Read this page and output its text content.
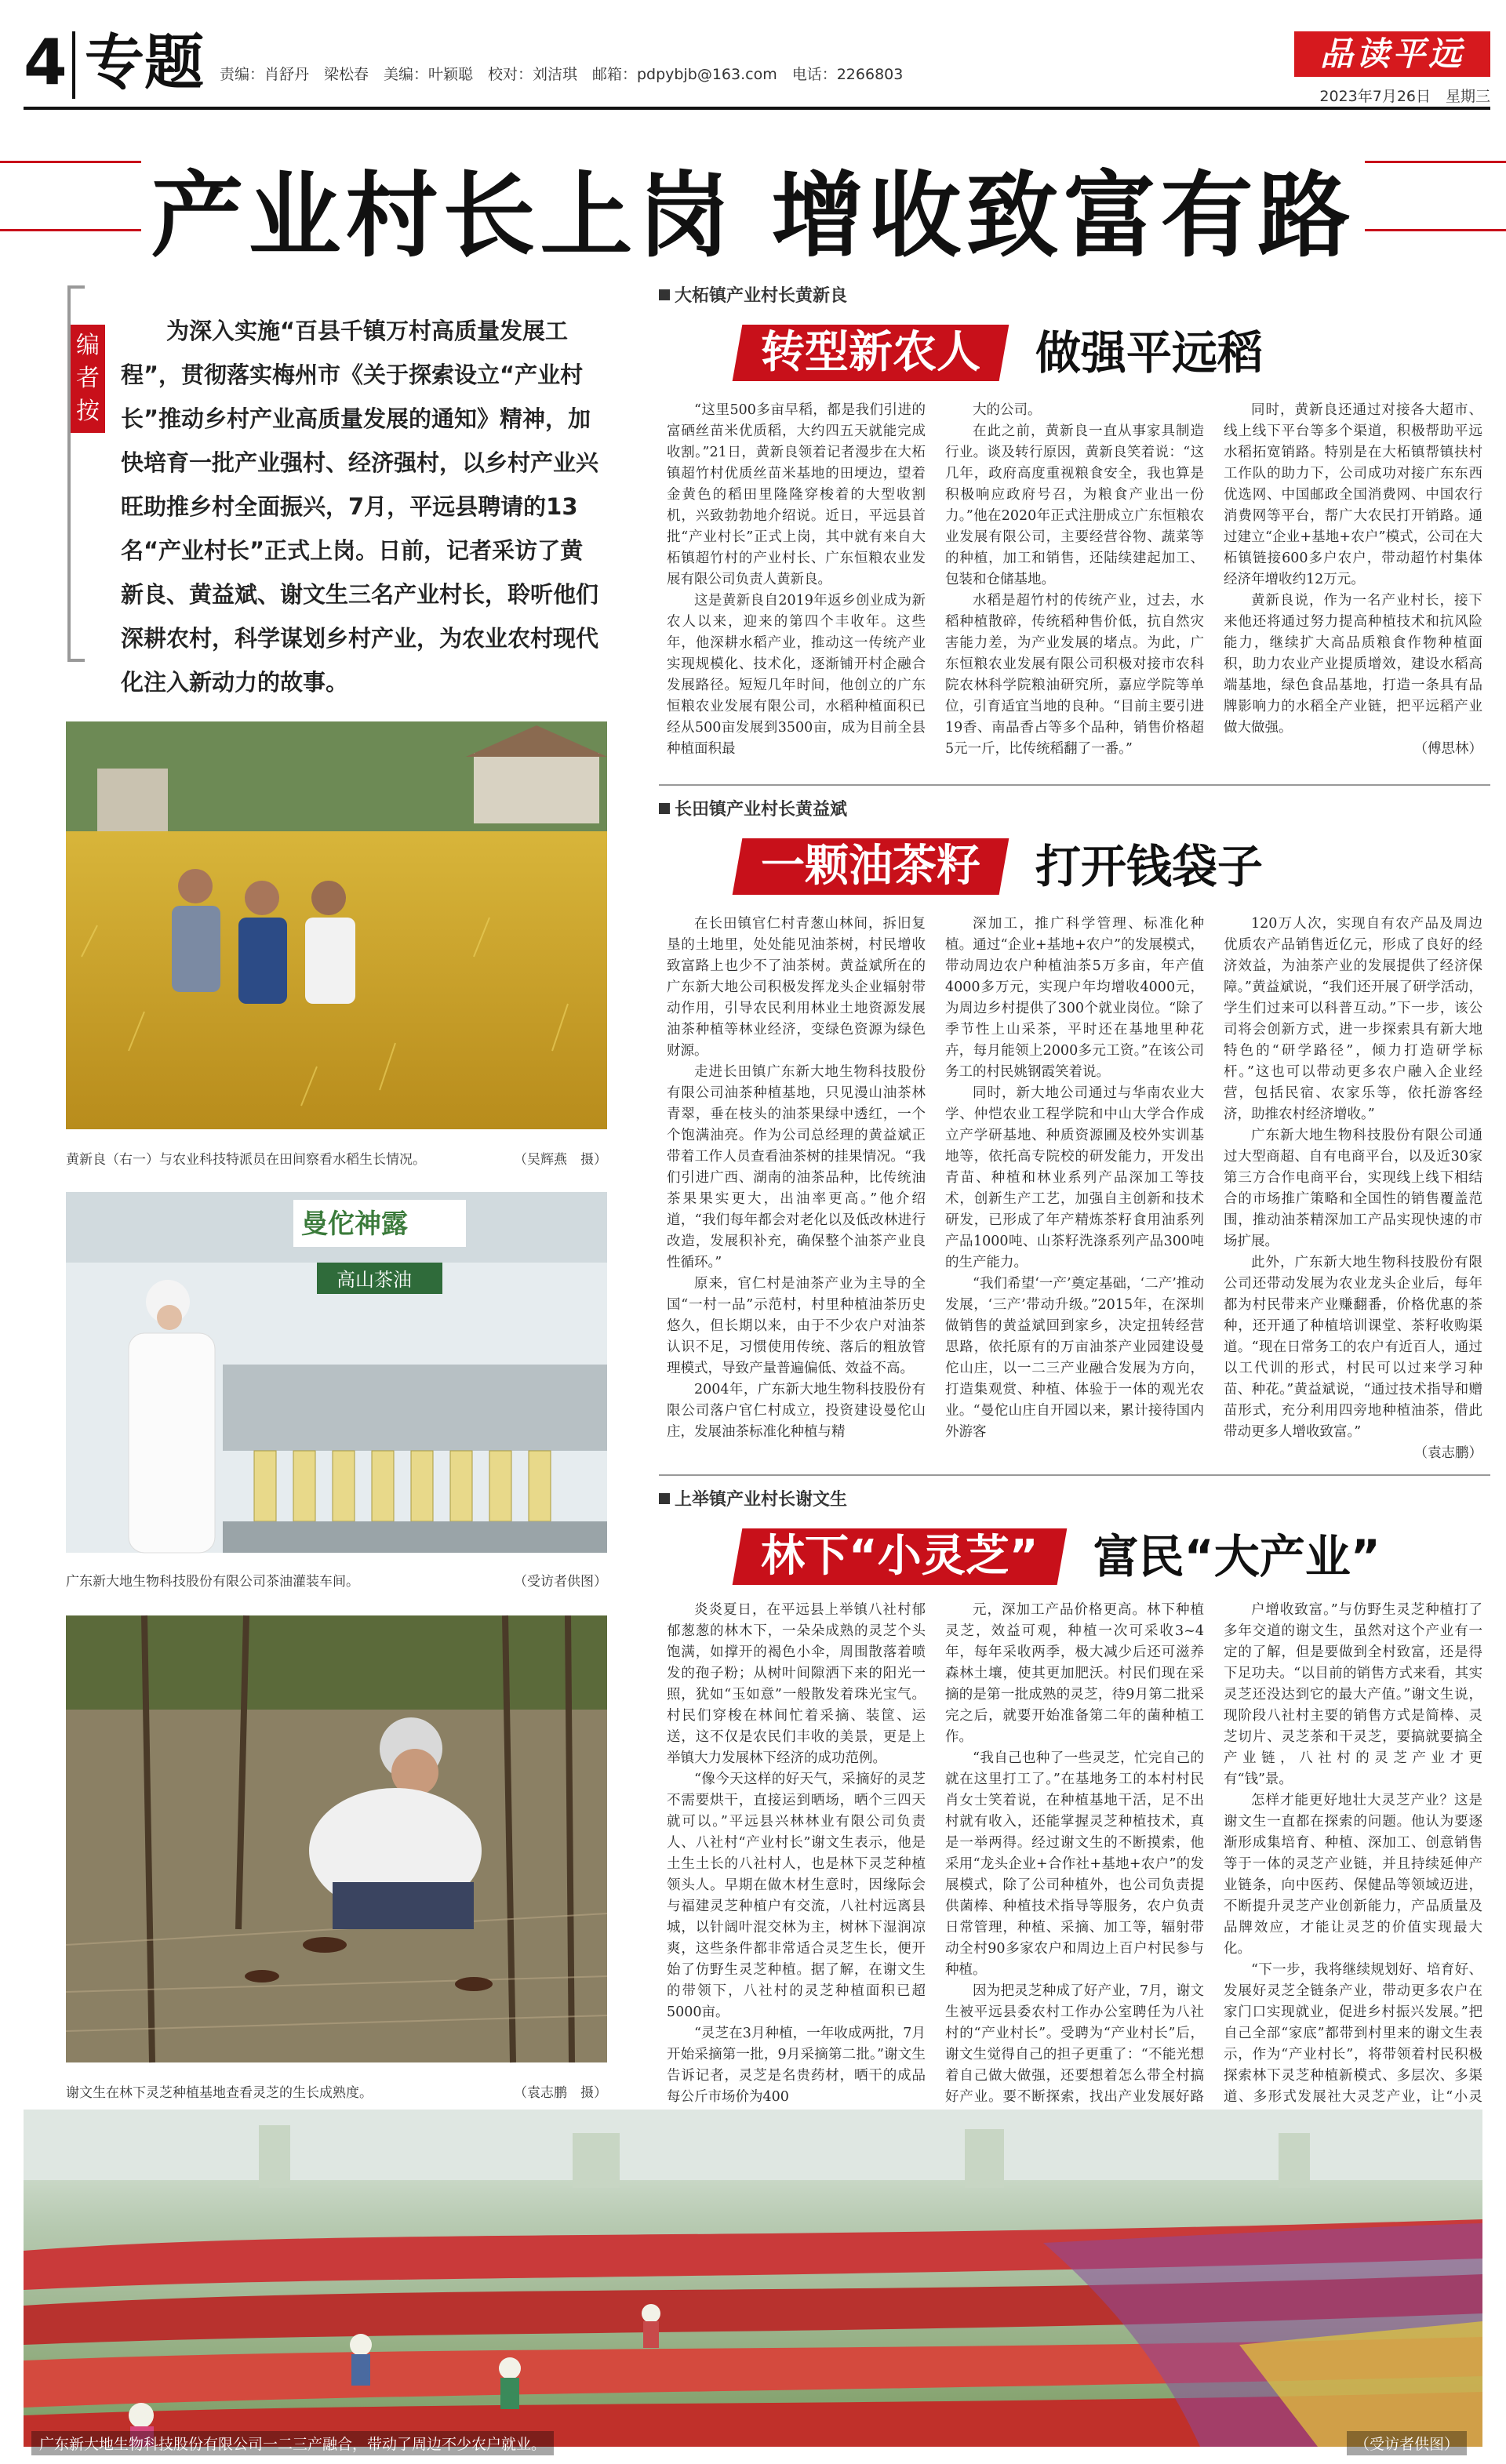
4 专题 责编：肖舒丹　梁松春　美编：叶颖聪　校对：刘洁琪　邮箱：pdpybjb@163.com　电话：2266803
品读平远
2023年7月26日　星期三
产业村长上岗 增收致富有路
编者按
为深入实施“百县千镇万村高质量发展工程”，贯彻落实梅州市《关于探索设立“产业村长”推动乡村产业高质量发展的通知》精神，加快培育一批产业强村、经济强村，以乡村产业兴旺助推乡村全面振兴，7月，平远县聘请的13名“产业村长”正式上岗。日前，记者采访了黄新良、黄益斌、谢文生三名产业村长，聆听他们深耕农村，科学谋划乡村产业，为农业农村现代化注入新动力的故事。
黄新良（右一）与农业科技特派员在田间察看水稻生长情况。	（吴辉燕　摄）
曼佗神露
高山茶油
广东新大地生物科技股份有限公司茶油灌装车间。	（受访者供图）
谢文生在林下灵芝种植基地查看灵芝的生长成熟度。	（袁志鹏　摄）
大柘镇产业村长黄新良
转型新农人 做强平远稻

“这里500多亩早稻，都是我们引进的富硒丝苗米优质稻，大约四五天就能完成收割。”21日，黄新良领着记者漫步在大柘镇超竹村优质丝苗米基地的田埂边，望着金黄色的稻田里隆隆穿梭着的大型收割机，兴致勃勃地介绍说。近日，平远县首批“产业村长”正式上岗，其中就有来自大柘镇超竹村的产业村长、广东恒粮农业发展有限公司负责人黄新良。

这是黄新良自2019年返乡创业成为新农人以来，迎来的第四个丰收年。这些年，他深耕水稻产业，推动这一传统产业实现规模化、技术化，逐渐铺开村企融合发展路径。短短几年时间，他创立的广东恒粮农业发展有限公司，水稻种植面积已经从500亩发展到3500亩，成为目前全县种植面积最

大的公司。

在此之前，黄新良一直从事家具制造行业。谈及转行原因，黄新良笑着说：“这几年，政府高度重视粮食安全，我也算是积极响应政府号召，为粮食产业出一份力。”他在2020年正式注册成立广东恒粮农业发展有限公司，主要经营谷物、蔬菜等的种植，加工和销售，还陆续建起加工、包装和仓储基地。

水稻是超竹村的传统产业，过去，水稻种植散碎，传统稻种售价低，抗自然灾害能力差，为产业发展的堵点。为此，广东恒粮农业发展有限公司积极对接市农科院农林科学院粮油研究所，嘉应学院等单位，引育适宜当地的良种。“目前主要引进19香、南晶香占等多个品种，销售价格超5元一斤，比传统稻翻了一番。”

同时，黄新良还通过对接各大超市、线上线下平台等多个渠道，积极帮助平远水稻拓宽销路。特别是在大柘镇帮镇扶村工作队的助力下，公司成功对接广东东西优选网、中国邮政全国消费网、中国农行消费网等平台，帮广大农民打开销路。通过建立“企业+基地+农户”模式，公司在大柘镇链接600多户农户，带动超竹村集体经济年增收约12万元。

黄新良说，作为一名产业村长，接下来他还将通过努力提高种植技术和抗风险能力，继续扩大高品质粮食作物种植面积，助力农业产业提质增效，建设水稻高端基地，绿色食品基地，打造一条具有品牌影响力的水稻全产业链，把平远稻产业做大做强。

（傅思林）

长田镇产业村长黄益斌
一颗油茶籽 打开钱袋子

在长田镇官仁村青葱山林间，拆旧复垦的土地里，处处能见油茶树，村民增收致富路上也少不了油茶树。黄益斌所在的广东新大地公司积极发挥龙头企业辐射带动作用，引导农民利用林业土地资源发展油茶种植等林业经济，变绿色资源为绿色财源。

走进长田镇广东新大地生物科技股份有限公司油茶种植基地，只见漫山油茶林青翠，垂在枝头的油茶果绿中透红，一个个饱满油亮。作为公司总经理的黄益斌正带着工作人员查看油茶树的挂果情况。“我们引进广西、湖南的油茶品种，比传统油茶果果实更大，出油率更高。”他介绍道，“我们每年都会对老化以及低改林进行改造，发展积补充，确保整个油茶产业良性循环。”

原来，官仁村是油茶产业为主导的全国“一村一品”示范村，村里种植油茶历史悠久，但长期以来，由于不少农户对油茶认识不足，习惯使用传统、落后的粗放管理模式，导致产量普遍偏低、效益不高。

2004年，广东新大地生物科技股份有限公司落户官仁村成立，投资建设曼佗山庄，发展油茶标准化种植与精

深加工，推广科学管理、标准化种植。通过“企业+基地+农户”的发展模式，带动周边农户种植油茶5万多亩，年产值4000多万元，实现户年均增收4000元，为周边乡村提供了300个就业岗位。“除了季节性上山采茶，平时还在基地里种花卉，每月能领上2000多元工资。”在该公司务工的村民姚钢霞笑着说。

同时，新大地公司通过与华南农业大学、仲恺农业工程学院和中山大学合作成立产学研基地、种质资源圃及校外实训基地等，依托高专院校的研发能力，开发出青苗、种植和林业系列产品深加工等技术，创新生产工艺，加强自主创新和技术研发，已形成了年产精炼茶籽食用油系列产品1000吨、山茶籽洗涤系列产品300吨的生产能力。

“我们希望‘一产’奠定基础，‘二产’推动发展，‘三产’带动升级。”2015年，在深圳做销售的黄益斌回到家乡，决定扭转经营思路，依托原有的万亩油茶产业园建设曼佗山庄，以一二三产业融合发展为方向，打造集观赏、种植、体验于一体的观光农业。“曼佗山庄自开园以来，累计接待国内外游客

120万人次，实现自有农产品及周边优质农产品销售近亿元，形成了良好的经济效益，为油茶产业的发展提供了经济保障。”黄益斌说，“我们还开展了研学活动，学生们过来可以科普互动。”下一步，该公司将会创新方式，进一步探索具有新大地特色的“研学路径”，倾力打造研学标杆。”这也可以带动更多农户融入企业经营，包括民宿、农家乐等，依托游客经济，助推农村经济增收。”

广东新大地生物科技股份有限公司通过大型商超、自有电商平台，以及近30家第三方合作电商平台，实现线上线下相结合的市场推广策略和全国性的销售覆盖范围，推动油茶精深加工产品实现快速的市场扩展。

此外，广东新大地生物科技股份有限公司还带动发展为农业龙头企业后，每年都为村民带来产业赚翻番，价格优惠的茶种，还开通了种植培训课堂、茶籽收购渠道。“现在日常务工的农户有近百人，通过以工代训的形式，村民可以过来学习种苗、种花。”黄益斌说，“通过技术指导和赠苗形式，充分利用四旁地种植油茶，借此带动更多人增收致富。”

（袁志鹏）

上举镇产业村长谢文生
林下“小灵芝” 富民“大产业”

炎炎夏日，在平远县上举镇八社村郁郁葱葱的林木下，一朵朵成熟的灵芝个头饱满，如撑开的褐色小伞，周围散落着喷发的孢子粉；从树叶间隙洒下来的阳光一照，犹如“玉如意”一般散发着珠光宝气。村民们穿梭在林间忙着采摘、装筐、运送，这不仅是农民们丰收的美景，更是上举镇大力发展林下经济的成功范例。

“像今天这样的好天气，采摘好的灵芝不需要烘干，直接运到晒场，晒个三四天就可以。”平远县兴林林业有限公司负责人、八社村“产业村长”谢文生表示，他是土生土长的八社村人，也是林下灵芝种植领头人。早期在做木材生意时，因缘际会与福建灵芝种植户有交流，八社村远离县城，以针阔叶混交林为主，树林下湿润凉爽，这些条件都非常适合灵芝生长，便开始了仿野生灵芝种植。据了解，在谢文生的带领下，八社村的灵芝种植面积已超5000亩。

“灵芝在3月种植，一年收成两批，7月开始采摘第一批，9月采摘第二批。”谢文生告诉记者，灵芝是名贵药材，晒干的成品每公斤市场价为400

元，深加工产品价格更高。林下种植灵芝，效益可观，种植一次可采收3~4年，每年采收两季，极大减少后还可滋养森林土壤，使其更加肥沃。村民们现在采摘的是第一批成熟的灵芝，待9月第二批采完之后，就要开始准备第二年的菌种植工作。

“我自己也种了一些灵芝，忙完自己的就在这里打工了。”在基地务工的本村村民肖女士笑着说，在种植基地干活，足不出村就有收入，还能掌握灵芝种植技术，真是一举两得。经过谢文生的不断摸索，他采用“龙头企业+合作社+基地+农户”的发展模式，除了公司种植外，也公司负责提供菌棒、种植技术指导等服务，农户负责日常管理，种植、采摘、加工等，辐射带动全村90多家农户和周边上百户村民参与种植。

因为把灵芝种成了好产业，7月，谢文生被平远县委农村工作办公室聘任为八社村的“产业村长”。受聘为“产业村长”后，谢文生觉得自己的担子更重了：“不能光想着自己做大做强，还要想着怎么带全村搞好产业。要不断探索，找出产业发展好路

户增收致富。”与仿野生灵芝种植打了多年交道的谢文生，虽然对这个产业有一定的了解，但是要做到全村致富，还是得下足功夫。“以目前的销售方式来看，其实灵芝还没达到它的最大产值。”谢文生说，现阶段八社村主要的销售方式是简棒、灵芝切片、灵芝茶和干灵芝，要搞就要搞全产业链，八社村的灵芝产业才更有“钱”景。

怎样才能更好地壮大灵芝产业？这是谢文生一直都在探索的问题。他认为要逐渐形成集培育、种植、深加工、创意销售等于一体的灵芝产业链，并且持续延伸产业链条，向中医药、保健品等领域迈进，不断提升灵芝产业创新能力，产品质量及品牌效应，才能让灵芝的价值实现最大化。

“下一步，我将继续规划好、培育好、发展好灵芝全链条产业，带动更多农户在家门口实现就业，促进乡村振兴发展。”把自己全部“家底”都带到村里来的谢文生表示，作为“产业村长”，将带领着村民积极探索林下灵芝种植新模式、多层次、多渠道、多形式发展社大灵芝产业，让“小灵

广东新大地生物科技股份有限公司一二三产融合，带动了周边不少农户就业。	（受访者供图）
